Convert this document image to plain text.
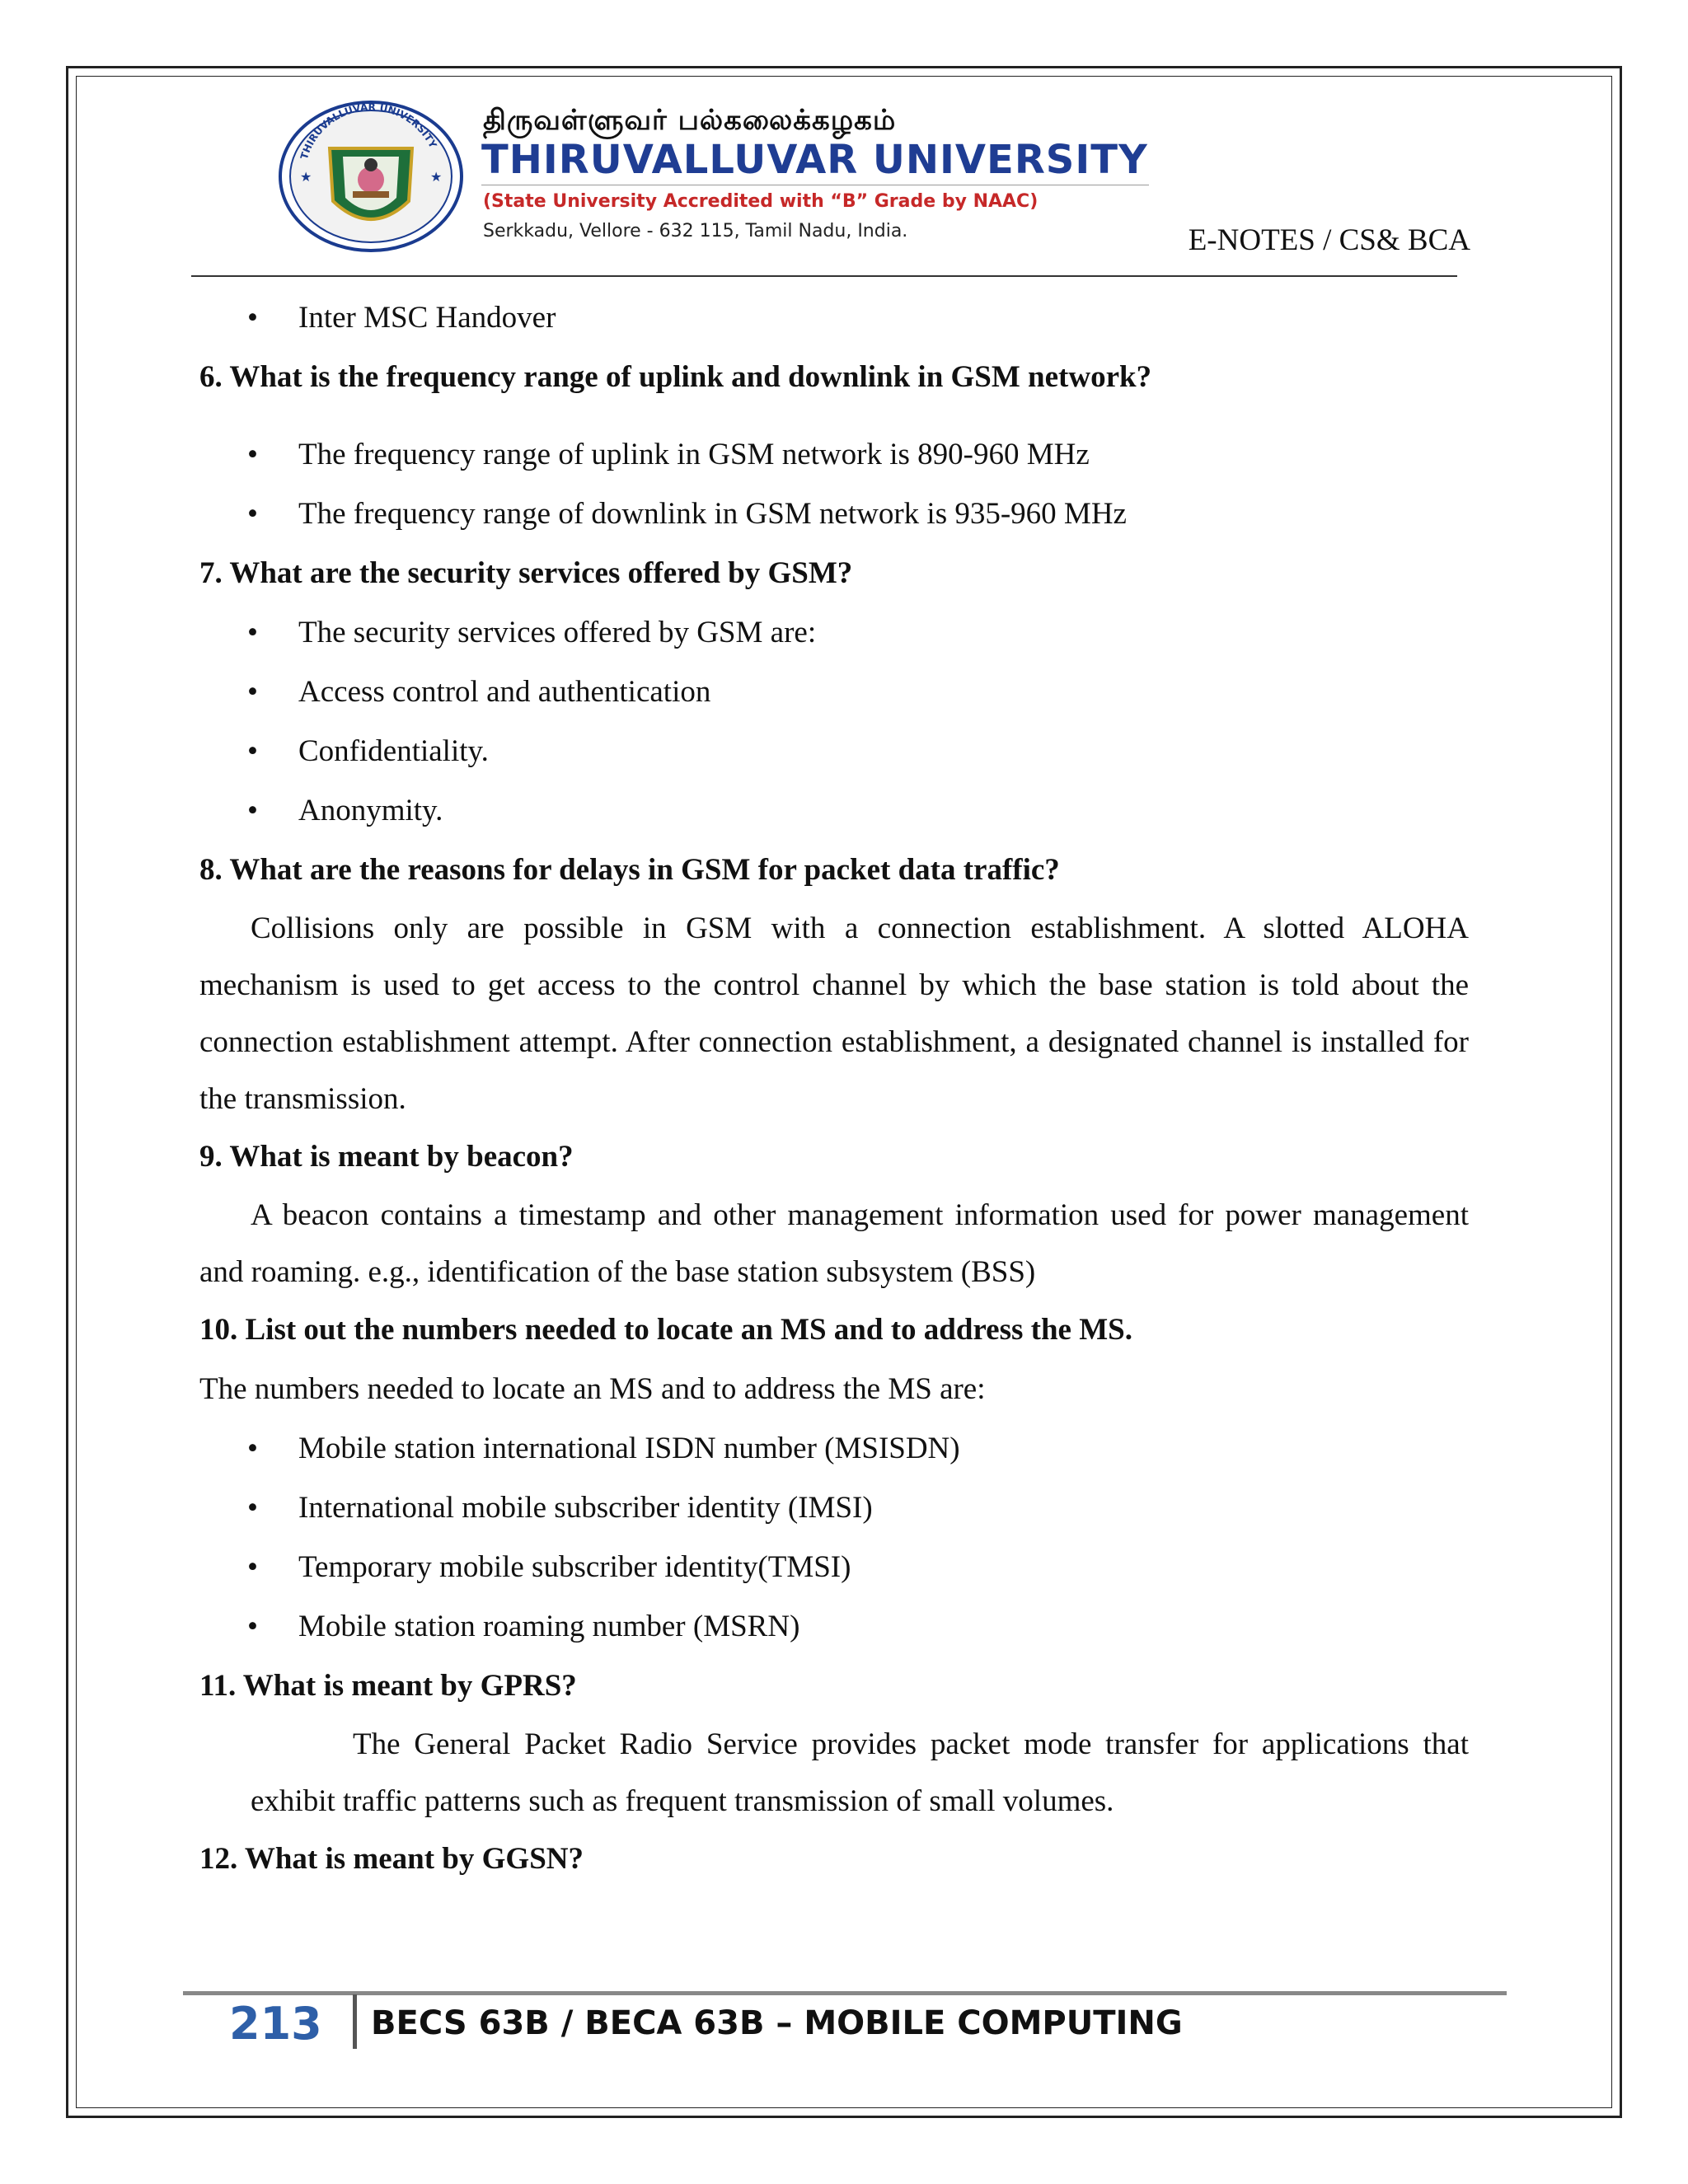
THIRUVALLUVAR UNIVERSITY
★	★
திருவள்ளுவர் பல்கலைக்கழகம்
THIRUVALLUVAR UNIVERSITY
(State University Accredited with “B” Grade by NAAC)
Serkkadu, Vellore - 632 115, Tamil Nadu, India.	E-NOTES / CS& BCA
• Inter MSC Handover

6. What is the frequency range of uplink and downlink in GSM network?

• The frequency range of uplink in GSM network is 890-960 MHz
• The frequency range of downlink in GSM network is 935-960 MHz

7. What are the security services offered by GSM?

• The security services offered by GSM are:
• Access control and authentication
• Confidentiality.
• Anonymity.

8. What are the reasons for delays in GSM for packet data traffic?

Collisions only are possible in GSM with a connection establishment. A slotted ALOHA mechanism is used to get access to the control channel by which the base station is told about the connection establishment attempt. After connection establishment, a designated channel is installed for the transmission.

9. What is meant by beacon?

A beacon contains a timestamp and other management information used for power management and roaming. e.g., identification of the base station subsystem (BSS)

10. List out the numbers needed to locate an MS and to address the MS.

The numbers needed to locate an MS and to address the MS are:

• Mobile station international ISDN number (MSISDN)
• International mobile subscriber identity (IMSI)
• Temporary mobile subscriber identity(TMSI)
• Mobile station roaming number (MSRN)

11. What is meant by GPRS?

The General Packet Radio Service provides packet mode transfer for applications that exhibit traffic patterns such as frequent transmission of small volumes.

12. What is meant by GGSN?

213 BECS 63B / BECA 63B – MOBILE COMPUTING
